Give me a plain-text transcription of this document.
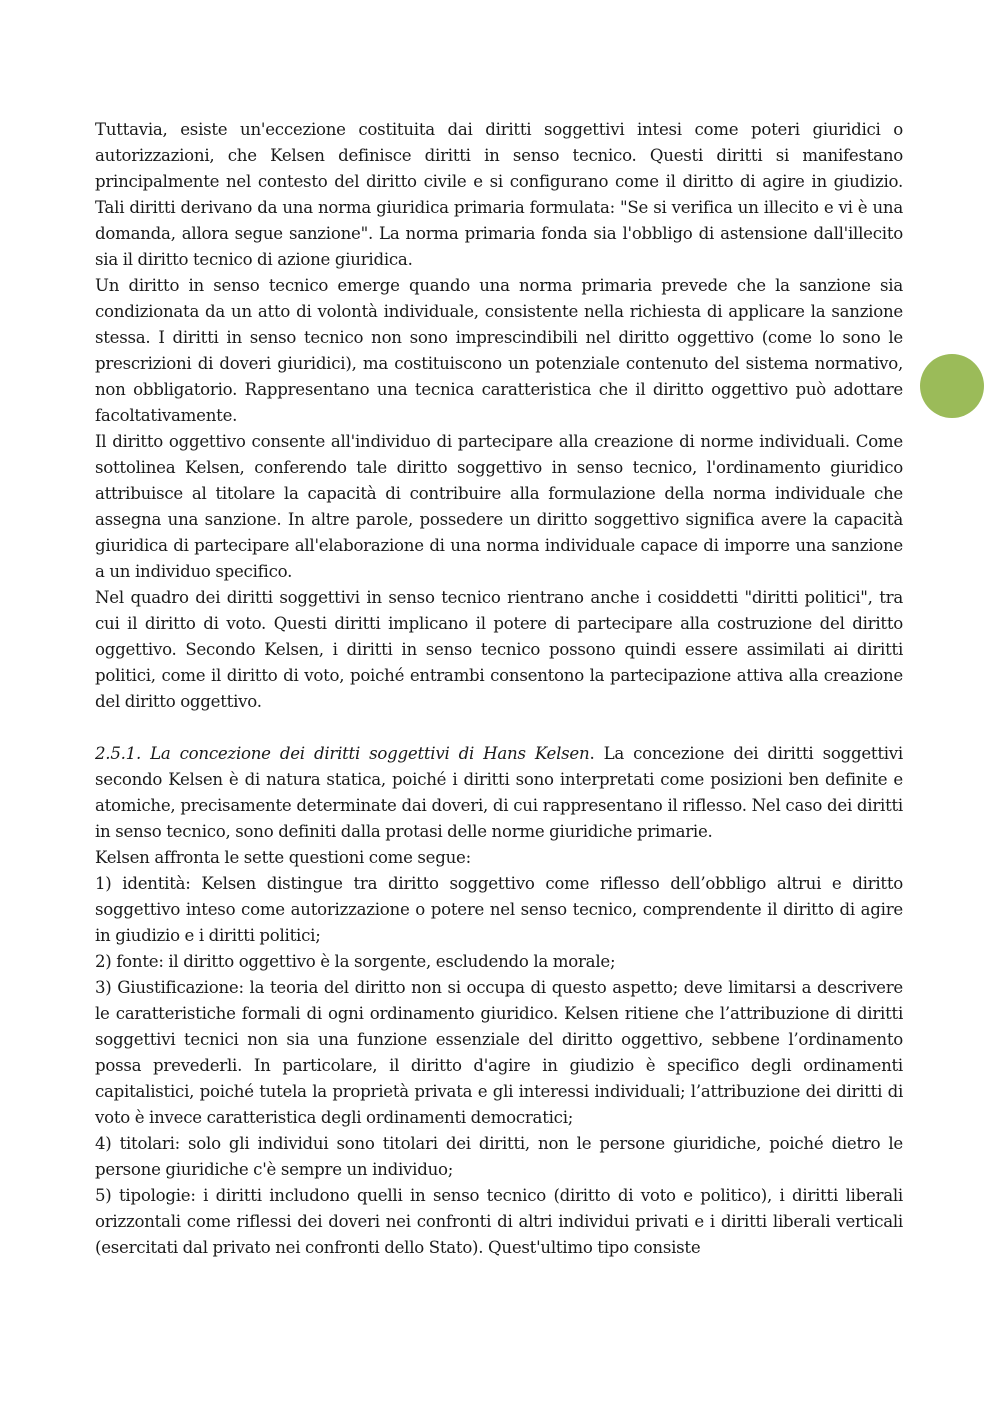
Tuttavia, esiste un'eccezione costituita dai diritti soggettivi intesi come poteri giuridici o autorizzazioni, che Kelsen definisce diritti in senso tecnico. Questi diritti si manifestano principalmente nel contesto del diritto civile e si configurano come il diritto di agire in giudizio. Tali diritti derivano da una norma giuridica primaria formulata: "Se si verifica un illecito e vi è una domanda, allora segue sanzione". La norma primaria fonda sia l'obbligo di astensione dall'illecito sia il diritto tecnico di azione giuridica.

Un diritto in senso tecnico emerge quando una norma primaria prevede che la sanzione sia condizionata da un atto di volontà individuale, consistente nella richiesta di applicare la sanzione stessa. I diritti in senso tecnico non sono imprescindibili nel diritto oggettivo (come lo sono le prescrizioni di doveri giuridici), ma costituiscono un potenziale contenuto del sistema normativo, non obbligatorio. Rappresentano una tecnica caratteristica che il diritto oggettivo può adottare facoltativamente.

Il diritto oggettivo consente all'individuo di partecipare alla creazione di norme individuali. Come sottolinea Kelsen, conferendo tale diritto soggettivo in senso tecnico, l'ordinamento giuridico attribuisce al titolare la capacità di contribuire alla formulazione della norma individuale che assegna una sanzione. In altre parole, possedere un diritto soggettivo significa avere la capacità giuridica di partecipare all'elaborazione di una norma individuale capace di imporre una sanzione a un individuo specifico.

Nel quadro dei diritti soggettivi in senso tecnico rientrano anche i cosiddetti "diritti politici", tra cui il diritto di voto. Questi diritti implicano il potere di partecipare alla costruzione del diritto oggettivo. Secondo Kelsen, i diritti in senso tecnico possono quindi essere assimilati ai diritti politici, come il diritto di voto, poiché entrambi consentono la partecipazione attiva alla creazione del diritto oggettivo.

2.5.1. La concezione dei diritti soggettivi di Hans Kelsen. La concezione dei diritti soggettivi secondo Kelsen è di natura statica, poiché i diritti sono interpretati come posizioni ben definite e atomiche, precisamente determinate dai doveri, di cui rappresentano il riflesso. Nel caso dei diritti in senso tecnico, sono definiti dalla protasi delle norme giuridiche primarie.

Kelsen affronta le sette questioni come segue:

1) identità: Kelsen distingue tra diritto soggettivo come riflesso dell’obbligo altrui e diritto soggettivo inteso come autorizzazione o potere nel senso tecnico, comprendente il diritto di agire in giudizio e i diritti politici;

2) fonte: il diritto oggettivo è la sorgente, escludendo la morale;

3) Giustificazione: la teoria del diritto non si occupa di questo aspetto; deve limitarsi a descrivere le caratteristiche formali di ogni ordinamento giuridico. Kelsen ritiene che l’attribuzione di diritti soggettivi tecnici non sia una funzione essenziale del diritto oggettivo, sebbene l’ordinamento possa prevederli. In particolare, il diritto d'agire in giudizio è specifico degli ordinamenti capitalistici, poiché tutela la proprietà privata e gli interessi individuali; l’attribuzione dei diritti di voto è invece caratteristica degli ordinamenti democratici;

4) titolari: solo gli individui sono titolari dei diritti, non le persone giuridiche, poiché dietro le persone giuridiche c'è sempre un individuo;

5) tipologie: i diritti includono quelli in senso tecnico (diritto di voto e politico), i diritti liberali orizzontali come riflessi dei doveri nei confronti di altri individui privati e i diritti liberali verticali (esercitati dal privato nei confronti dello Stato). Quest'ultimo tipo consiste
